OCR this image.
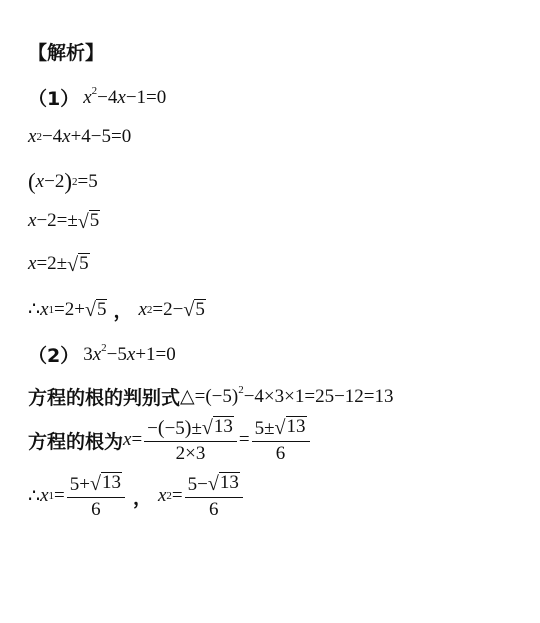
【解析】
（1） $x^2-4x-1=0$
x 2 −4 x +4−5=0
( x −2 ) 2 =5
x −2=± √ 5
x =2± √ 5
∴ x 1 =2+ √ 5 ， x 2 =2− √ 5
（2） $3x^2-5x+1=0$
方程的根的判别式 $\triangle=(-5)^2-4\times 3\times 1=25-12=13$
方程的根为 $x = \frac{-(-5)\pm √ 13}{2\times 3} = \frac{5\pm √ 13}{6}$
∴ x $1 = \frac{5+ √ 13}{6}$ ， x $2 = \frac{5- √ 13}{6}$
